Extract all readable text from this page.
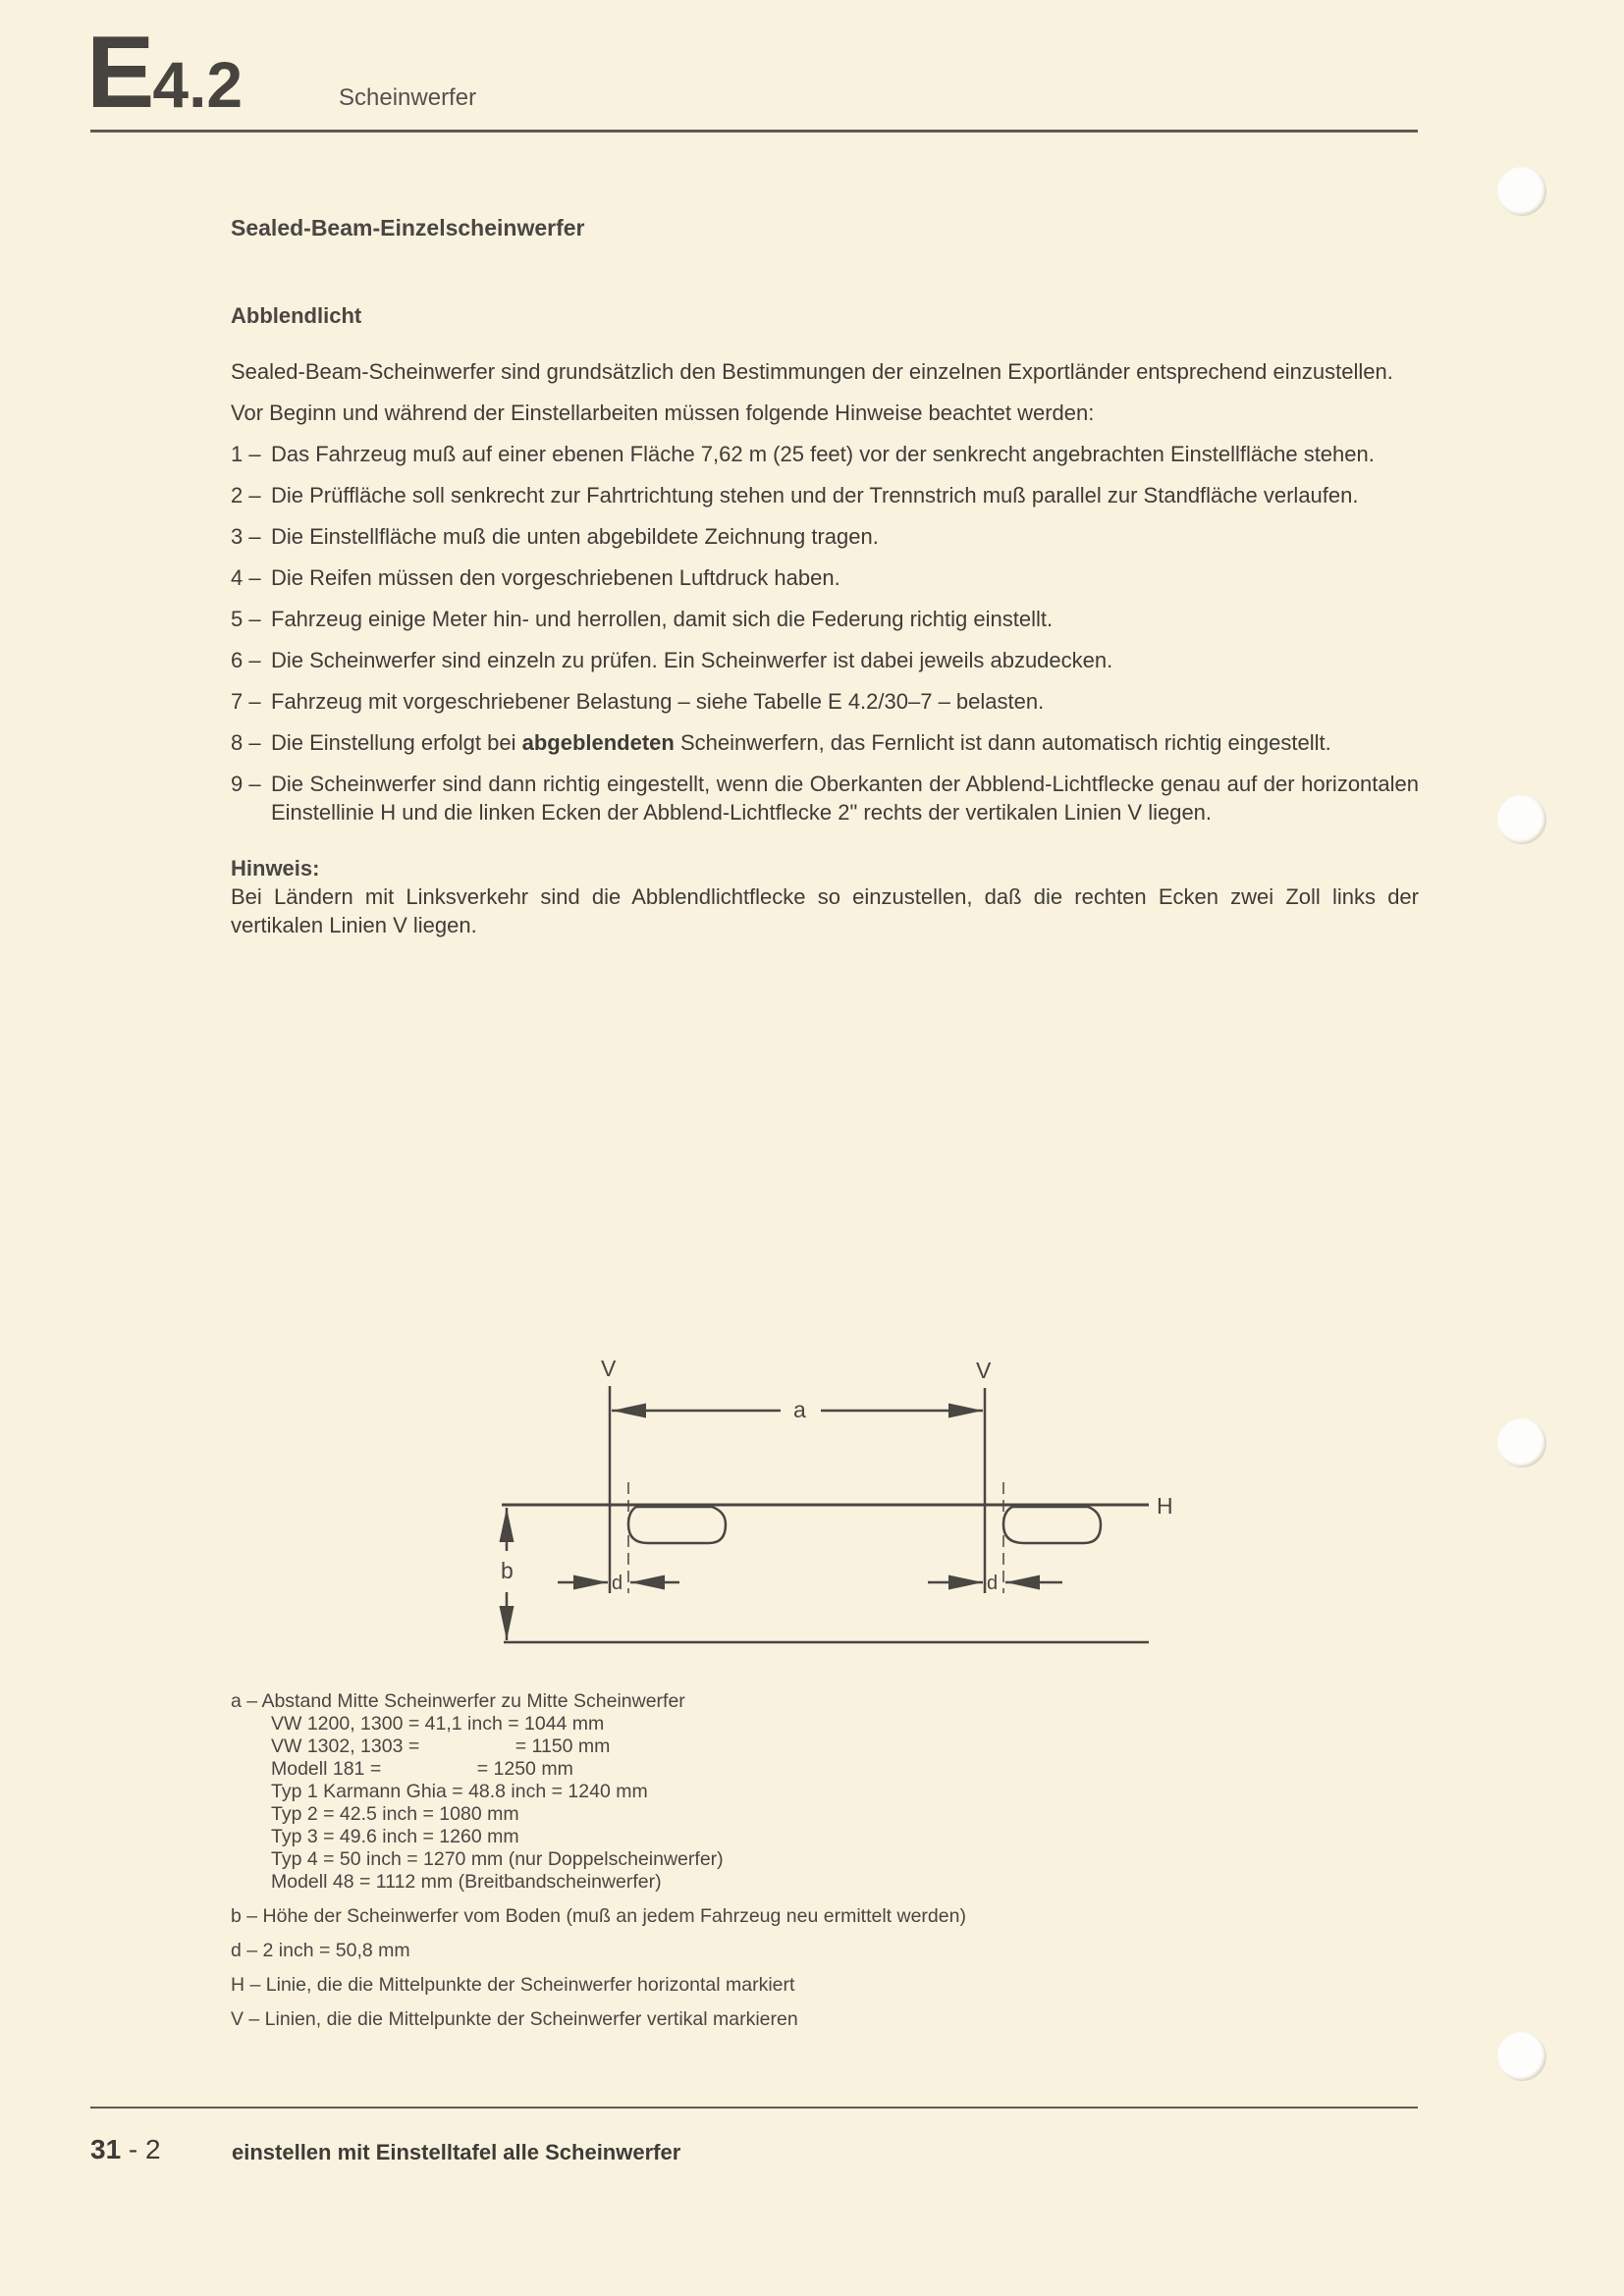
E4.2	Scheinwerfer
Sealed-Beam-Einzelscheinwerfer
Abblendlicht

Sealed-Beam-Scheinwerfer sind grundsätzlich den Bestimmungen der einzelnen Exportländer entsprechend einzustellen.

Vor Beginn und während der Einstellarbeiten müssen folgende Hinweise beachtet werden:

1 – Das Fahrzeug muß auf einer ebenen Fläche 7,62 m (25 feet) vor der senkrecht angebrachten Einstellfläche stehen.
2 – Die Prüffläche soll senkrecht zur Fahrtrichtung stehen und der Trennstrich muß parallel zur Standfläche verlaufen.
3 – Die Einstellfläche muß die unten abgebildete Zeichnung tragen.
4 – Die Reifen müssen den vorgeschriebenen Luftdruck haben.
5 – Fahrzeug einige Meter hin- und herrollen, damit sich die Federung richtig einstellt.
6 – Die Scheinwerfer sind einzeln zu prüfen. Ein Scheinwerfer ist dabei jeweils abzudecken.
7 – Fahrzeug mit vorgeschriebener Belastung – siehe Tabelle E 4.2/30–7 – belasten.
8 – Die Einstellung erfolgt bei abgeblendeten Scheinwerfern, das Fernlicht ist dann automatisch richtig eingestellt.
9 – Die Scheinwerfer sind dann richtig eingestellt, wenn die Oberkanten der Abblend-Lichtflecke genau auf der horizontalen Einstellinie H und die linken Ecken der Abblend-Lichtflecke 2" rechts der vertikalen Linien V liegen.
Hinweis:

Bei Ländern mit Linksverkehr sind die Abblendlichtflecke so einzustellen, daß die rechten Ecken zwei Zoll links der vertikalen Linien V liegen.

V	V
a
H
b	d	d
a – Abstand Mitte Scheinwerfer zu Mitte Scheinwerfer
VW 1200, 1300 = 41,1 inch = 1044 mm
VW 1302, 1303 =                  = 1150 mm
Modell 181 =                  = 1250 mm
Typ 1 Karmann Ghia = 48.8 inch = 1240 mm
Typ 2 = 42.5 inch = 1080 mm
Typ 3 = 49.6 inch = 1260 mm
Typ 4 = 50 inch = 1270 mm (nur Doppelscheinwerfer)
Modell 48 = 1112 mm (Breitbandscheinwerfer)
b – Höhe der Scheinwerfer vom Boden (muß an jedem Fahrzeug neu ermittelt werden)
d – 2 inch = 50,8 mm
H – Linie, die die Mittelpunkte der Scheinwerfer horizontal markiert
V – Linien, die die Mittelpunkte der Scheinwerfer vertikal markieren
31 - 2	einstellen mit Einstelltafel alle Scheinwerfer
